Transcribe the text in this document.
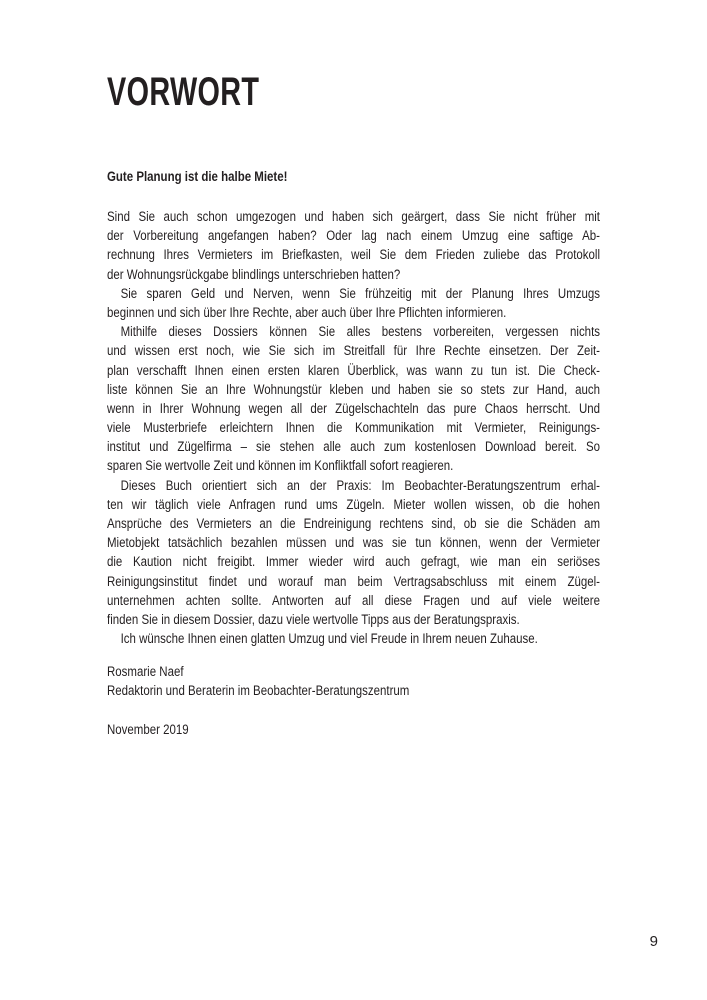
VORWORT
Gute Planung ist die halbe Miete!
Sind Sie auch schon umgezogen und haben sich geärgert, dass Sie nicht früher mit
der Vorbereitung angefangen haben? Oder lag nach einem Umzug eine saftige Ab-
rechnung Ihres Vermieters im Briefkasten, weil Sie dem Frieden zuliebe das Protokoll
der Wohnungsrückgabe blindlings unterschrieben hatten?
Sie sparen Geld und Nerven, wenn Sie frühzeitig mit der Planung Ihres Umzugs
beginnen und sich über Ihre Rechte, aber auch über Ihre Pflichten informieren.
Mithilfe dieses Dossiers können Sie alles bestens vorbereiten, vergessen nichts
und wissen erst noch, wie Sie sich im Streitfall für Ihre Rechte einsetzen. Der Zeit-
plan verschafft Ihnen einen ersten klaren Überblick, was wann zu tun ist. Die Check-
liste können Sie an Ihre Wohnungstür kleben und haben sie so stets zur Hand, auch
wenn in Ihrer Wohnung wegen all der Zügelschachteln das pure Chaos herrscht. Und
viele Musterbriefe erleichtern Ihnen die Kommunikation mit Vermieter, Reinigungs-
institut und Zügelfirma – sie stehen alle auch zum kostenlosen Download bereit. So
sparen Sie wertvolle Zeit und können im Konfliktfall sofort reagieren.
Dieses Buch orientiert sich an der Praxis: Im Beobachter-Beratungszentrum erhal-
ten wir täglich viele Anfragen rund ums Zügeln. Mieter wollen wissen, ob die hohen
Ansprüche des Vermieters an die Endreinigung rechtens sind, ob sie die Schäden am
Mietobjekt tatsächlich bezahlen müssen und was sie tun können, wenn der Vermieter
die Kaution nicht freigibt. Immer wieder wird auch gefragt, wie man ein seriöses
Reinigungsinstitut findet und worauf man beim Vertragsabschluss mit einem Zügel-
unternehmen achten sollte. Antworten auf all diese Fragen und auf viele weitere
finden Sie in diesem Dossier, dazu viele wertvolle Tipps aus der Beratungspraxis.
Ich wünsche Ihnen einen glatten Umzug und viel Freude in Ihrem neuen Zuhause.
Rosmarie Naef
Redaktorin und Beraterin im Beobachter-Beratungszentrum
November 2019
9
